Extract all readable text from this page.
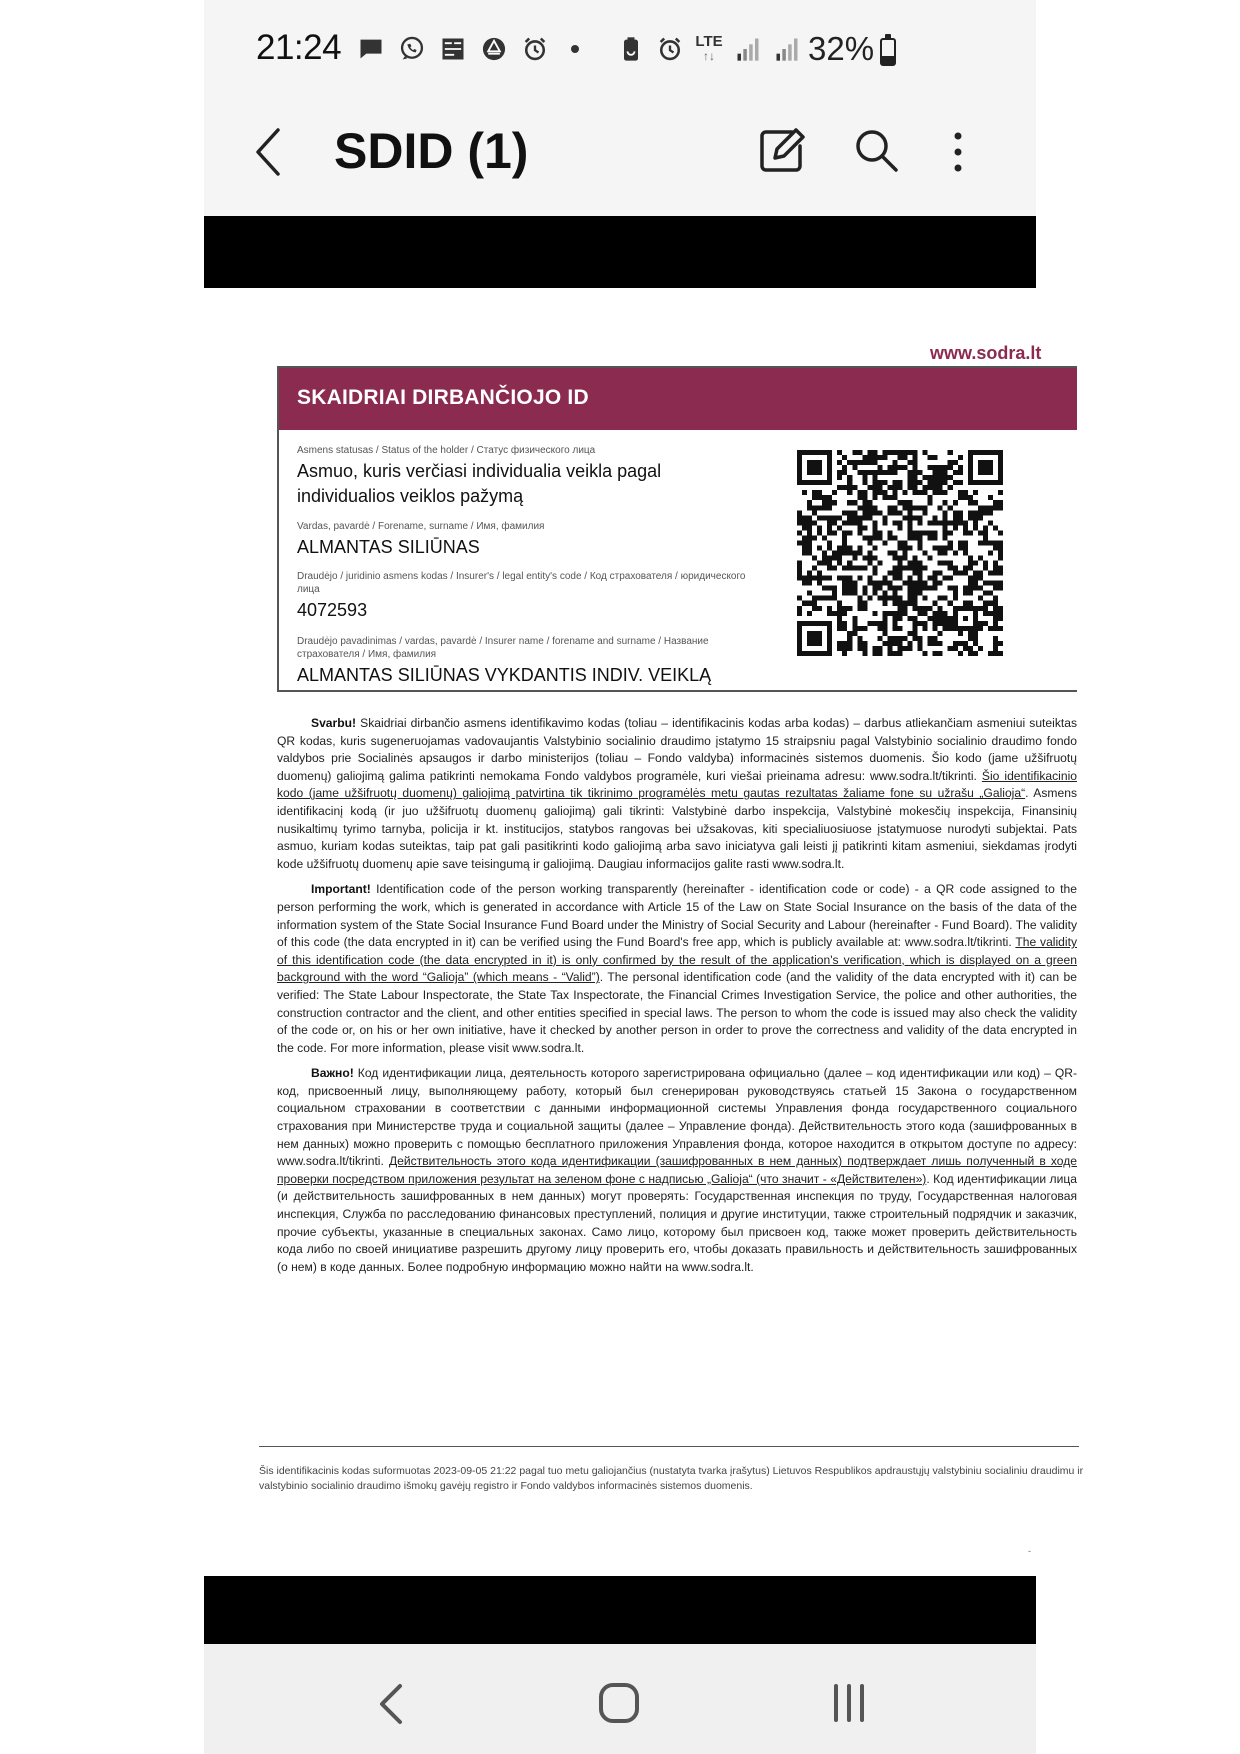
21:24	LTE
↑↓	32%
SDID (1)
www.sodra.lt
SKAIDRIAI DIRBANČIOJO ID
Asmens statusas / Status of the holder / Статус физического лица
Asmuo, kuris verčiasi individualia veikla pagal individualios veiklos pažymą
Vardas, pavardė / Forename, surname / Имя, фамилия
ALMANTAS SILIŪNAS
Draudėjo / juridinio asmens kodas / Insurer's / legal entity's code / Код страхователя / юридического лица
4072593
Draudėjo pavadinimas / vardas, pavardė / Insurer name / forename and surname / Название страхователя / Имя, фамилия
ALMANTAS SILIŪNAS VYKDANTIS INDIV. VEIKLĄ

Svarbu! Skaidriai dirbančio asmens identifikavimo kodas (toliau – identifikacinis kodas arba kodas) – darbus atliekančiam asmeniui suteiktas QR kodas, kuris sugeneruojamas vadovaujantis Valstybinio socialinio draudimo įstatymo 15 straipsniu pagal Valstybinio socialinio draudimo fondo valdybos prie Socialinės apsaugos ir darbo ministerijos (toliau – Fondo valdyba) informacinės sistemos duomenis. Šio kodo (jame užšifruotų duomenų) galiojimą galima patikrinti nemokama Fondo valdybos programėle, kuri viešai prieinama adresu: www.sodra.lt/tikrinti. Šio identifikacinio kodo (jame užšifruotų duomenų) galiojimą patvirtina tik tikrinimo programėlės metu gautas rezultatas žaliame fone su užrašu „Galioja“. Asmens identifikacinį kodą (ir juo užšifruotų duomenų galiojimą) gali tikrinti: Valstybinė darbo inspekcija, Valstybinė mokesčių inspekcija, Finansinių nusikaltimų tyrimo tarnyba, policija ir kt. institucijos, statybos rangovas bei užsakovas, kiti specialiuosiuose įstatymuose nurodyti subjektai. Pats asmuo, kuriam kodas suteiktas, taip pat gali pasitikrinti kodo galiojimą arba savo iniciatyva gali leisti jį patikrinti kitam asmeniui, siekdamas įrodyti kode užšifruotų duomenų apie save teisingumą ir galiojimą. Daugiau informacijos galite rasti www.sodra.lt.

Important! Identification code of the person working transparently (hereinafter - identification code or code) - a QR code assigned to the person performing the work, which is generated in accordance with Article 15 of the Law on State Social Insurance on the basis of the data of the information system of the State Social Insurance Fund Board under the Ministry of Social Security and Labour (hereinafter - Fund Board). The validity of this code (the data encrypted in it) can be verified using the Fund Board's free app, which is publicly available at: www.sodra.lt/tikrinti. The validity of this identification code (the data encrypted in it) is only confirmed by the result of the application's verification, which is displayed on a green background with the word “Galioja” (which means - “Valid”). The personal identification code (and the validity of the data encrypted with it) can be verified: The State Labour Inspectorate, the State Tax Inspectorate, the Financial Crimes Investigation Service, the police and other authorities, the construction contractor and the client, and other entities specified in special laws. The person to whom the code is issued may also check the validity of the code or, on his or her own initiative, have it checked by another person in order to prove the correctness and validity of the data encrypted in the code. For more information, please visit www.sodra.lt.

Важно! Код идентификации лица, деятельность которого зарегистрирована официально (далее – код идентификации или код) – QR-код, присвоенный лицу, выполняющему работу, который был сгенерирован руководствуясь статьей 15 Закона о государственном социальном страховании в соответствии с данными информационной системы Управления фонда государственного социального страхования при Министерстве труда и социальной защиты (далее – Управление фонда). Действительность этого кода (зашифрованных в нем данных) можно проверить с помощью бесплатного приложения Управления фонда, которое находится в открытом доступе по адресу: www.sodra.lt/tikrinti. Действительность этого кода идентификации (зашифрованных в нем данных) подтверждает лишь полученный в ходе проверки посредством приложения результат на зеленом фоне с надписью „Galioja“ (что значит - «Действителен»). Код идентификации лица (и действительность зашифрованных в нем данных) могут проверять: Государственная инспекция по труду, Государственная налоговая инспекция, Служба по расследованию финансовых преступлений, полиция и другие институции, также строительный подрядчик и заказчик, прочие субъекты, указанные в специальных законах. Само лицо, которому был присвоен код, также может проверить действительность кода либо по своей инициативе разрешить другому лицу проверить его, чтобы доказать правильность и действительность зашифрованных (о нем) в коде данных. Более подробную информацию можно найти на www.sodra.lt.

Šis identifikacinis kodas suformuotas 2023-09-05 21:22 pagal tuo metu galiojančius (nustatyta tvarka įrašytus) Lietuvos Respublikos apdraustųjų valstybiniu socialiniu draudimu ir valstybinio socialinio draudimo išmokų gavėjų registro ir Fondo valdybos informacinės sistemos duomenis.
-
